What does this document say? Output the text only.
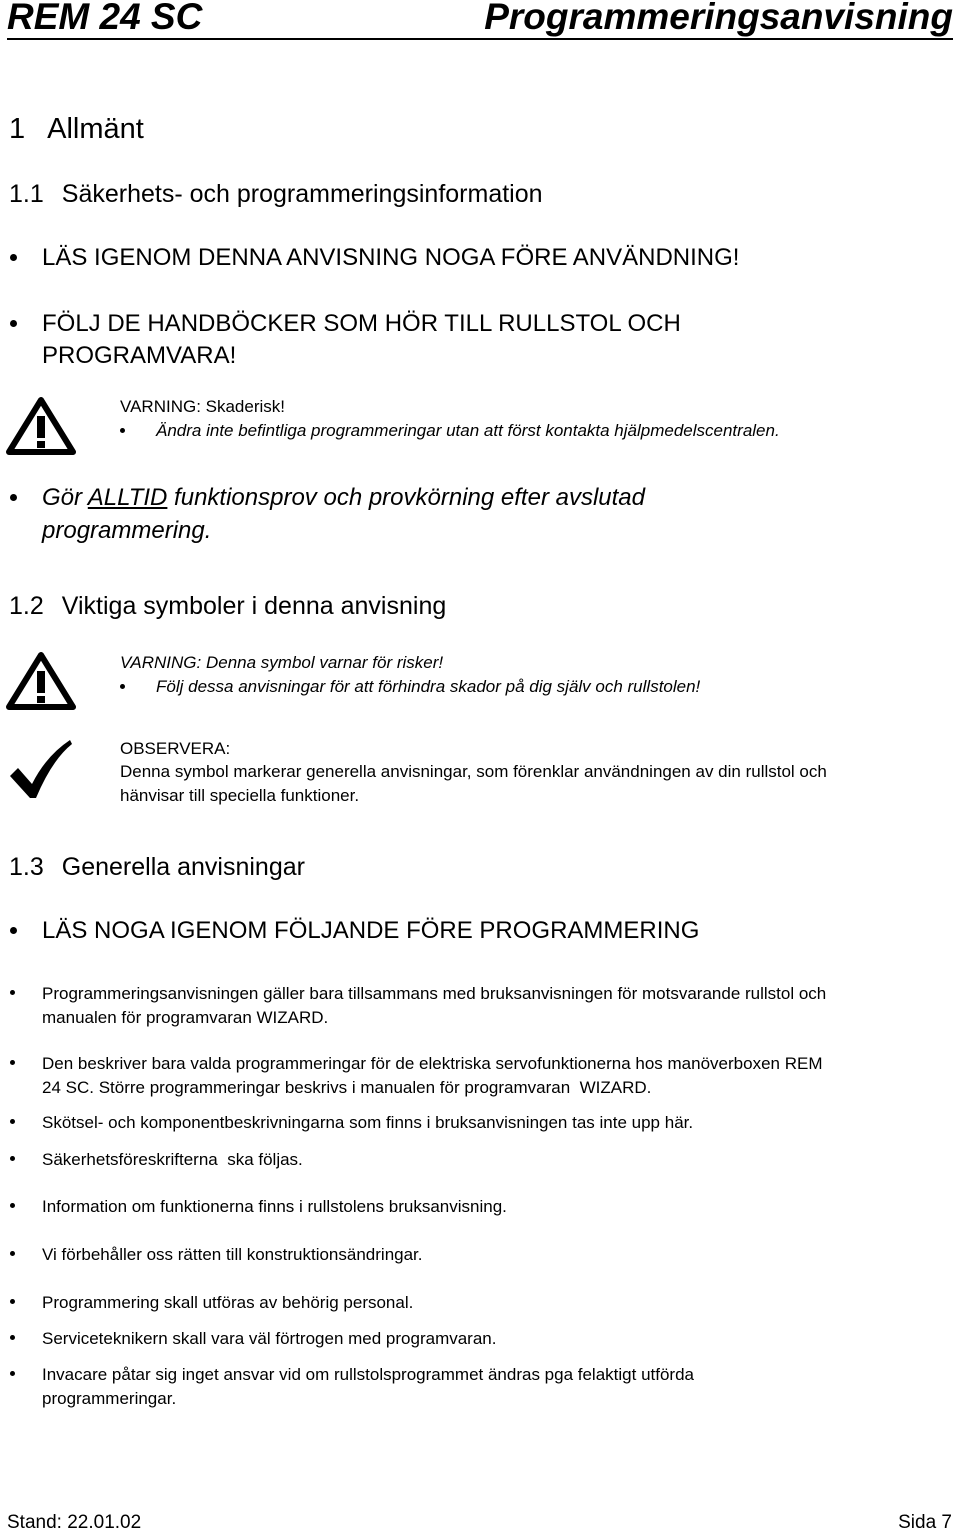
REM 24 SC	Programmeringsanvisning
1 Allmänt
1.1 Säkerhets- och programmeringsinformation
LÄS IGENOM DENNA ANVISNING NOGA FÖRE ANVÄNDNING!
FÖLJ DE HANDBÖCKER SOM HÖR TILL RULLSTOL OCH
PROGRAMVARA!
VARNING: Skaderisk!
Ändra inte befintliga programmeringar utan att först kontakta hjälpmedelscentralen.
Gör ALLTID funktionsprov och provkörning efter avslutad
programmering.
1.2 Viktiga symboler i denna anvisning
VARNING: Denna symbol varnar för risker!
Följ dessa anvisningar för att förhindra skador på dig själv och rullstolen!
OBSERVERA:
Denna symbol markerar generella anvisningar, som förenklar användningen av din rullstol och
hänvisar till speciella funktioner.
1.3 Generella anvisningar
LÄS NOGA IGENOM FÖLJANDE FÖRE PROGRAMMERING
Programmeringsanvisningen gäller bara tillsammans med bruksanvisningen för motsvarande rullstol och
manualen för programvaran WIZARD.
Den beskriver bara valda programmeringar för de elektriska servofunktionerna hos manöverboxen REM
24 SC. Större programmeringar beskrivs i manualen för programvaran  WIZARD.
Skötsel- och komponentbeskrivningarna som finns i bruksanvisningen tas inte upp här.
Säkerhetsföreskrifterna  ska följas.
Information om funktionerna finns i rullstolens bruksanvisning.
Vi förbehåller oss rätten till konstruktionsändringar.
Programmering skall utföras av behörig personal.
Serviceteknikern skall vara väl förtrogen med programvaran.
Invacare påtar sig inget ansvar vid om rullstolsprogrammet ändras pga felaktigt utförda
programmeringar.
Stand: 22.01.02	Sida 7
